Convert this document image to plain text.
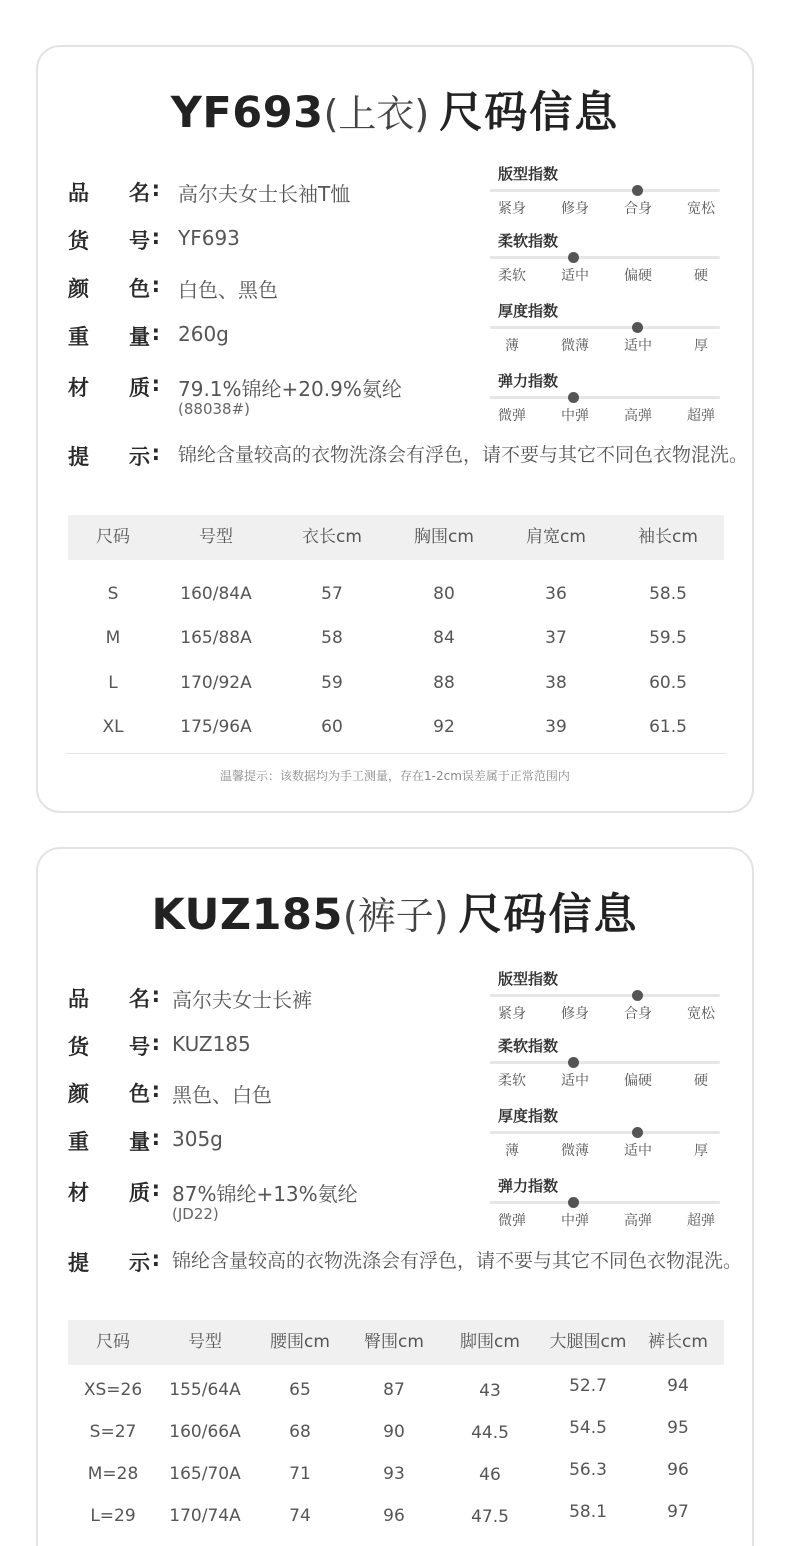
YF693(上衣) 尺码信息
品 名 : 高尔夫女士长袖T恤
货 号 : YF693
颜 色 : 白色、黑色
重 量 : 260g
材 质 : 79.1%锦纶+20.9%氨纶
(88038#)
提 示 : 锦纶含量较高的衣物洗涤会有浮色，请不要与其它不同色衣物混洗。
版型指数
紧身	修身	合身	宽松
柔软指数
柔软	适中	偏硬	硬
厚度指数
薄	微薄	适中	厚
弹力指数
微弹	中弹	高弹	超弹
尺码	号型	衣长cm	胸围cm	肩宽cm	袖长cm
S	160/84A	57	80	36	58.5
M	165/88A	58	84	37	59.5
L	170/92A	59	88	38	60.5
XL	175/96A	60	92	39	61.5
温馨提示：该数据均为手工测量，存在1-2cm误差属于正常范围内
KUZ185(裤子) 尺码信息
品 名 : 高尔夫女士长裤
货 号 : KUZ185
颜 色 : 黑色、白色
重 量 : 305g
材 质 : 87%锦纶+13%氨纶
(JD22)
提 示 : 锦纶含量较高的衣物洗涤会有浮色，请不要与其它不同色衣物混洗。
版型指数
紧身	修身	合身	宽松
柔软指数
柔软	适中	偏硬	硬
厚度指数
薄	微薄	适中	厚
弹力指数
微弹	中弹	高弹	超弹
尺码	号型	腰围cm 臀围cm 脚围cm 大腿围cm 裤长cm
XS=26 155/64A	65	87	43	52.7	94
S=27 160/66A	68	90	44.5	54.5	95
M=28 165/70A	71	93	46	56.3	96
L=29 170/74A	74	96	47.5	58.1	97
